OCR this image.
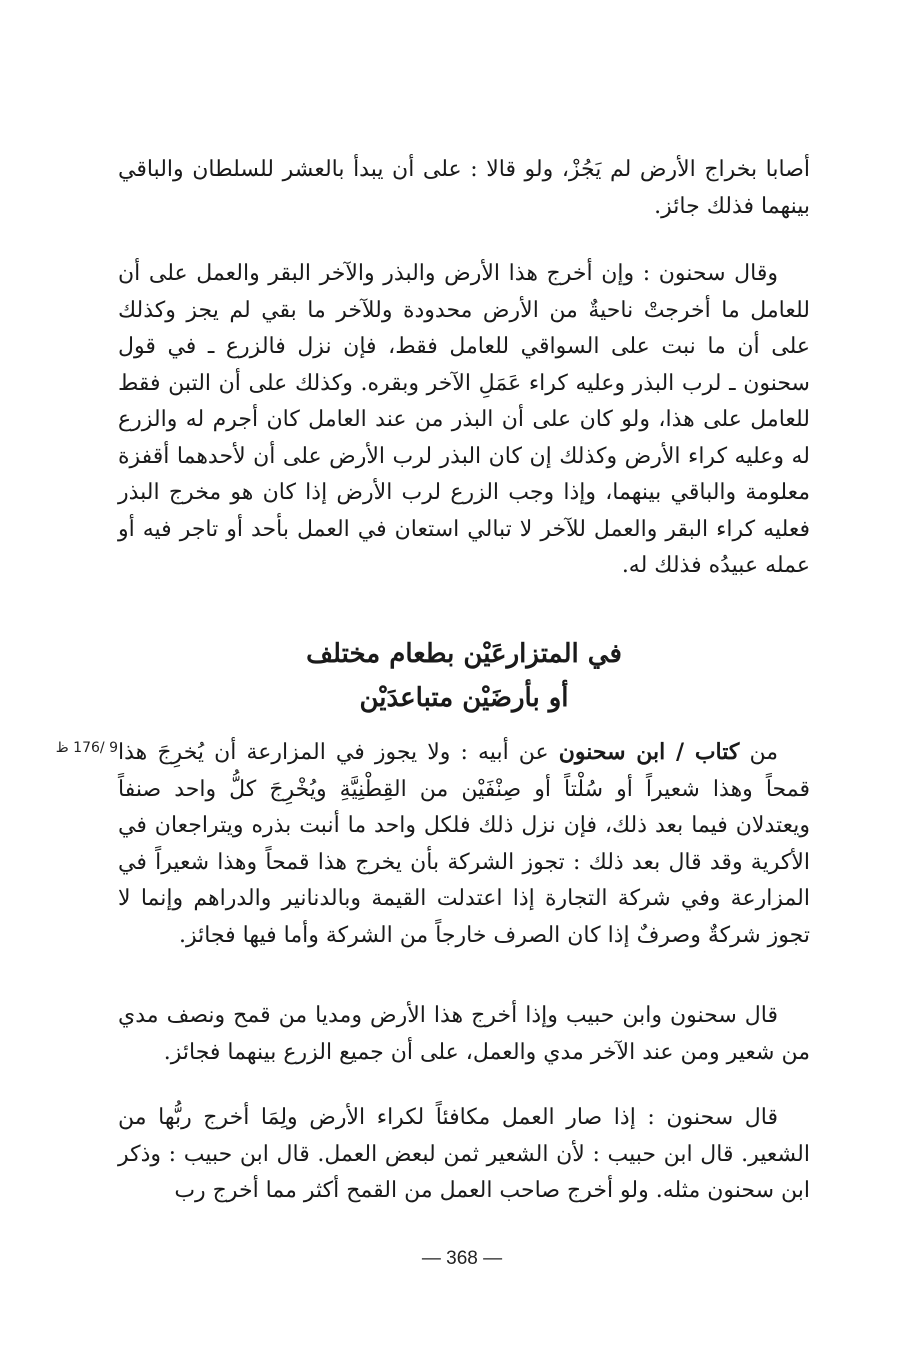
أصابا بخراج الأرض لم يَجُزْ، ولو قالا : على أن يبدأ بالعشر للسلطان والباقي بينهما فذلك جائز.

وقال سحنون : وإن أخرج هذا الأرض والبذر والآخر البقر والعمل على أن للعامل ما أخرجتْ ناحيةٌ من الأرض محدودة وللآخر ما بقي لم يجز وكذلك على أن ما نبت على السواقي للعامل فقط، فإن نزل فالزرع ـ في قول سحنون ـ لرب البذر وعليه كراء عَمَلِ الآخر وبقره. وكذلك على أن التبن فقط للعامل على هذا، ولو كان على أن البذر من عند العامل كان أجرم له والزرع له وعليه كراء الأرض وكذلك إن كان البذر لرب الأرض على أن لأحدهما أقفزة معلومة والباقي بينهما، وإذا وجب الزرع لرب الأرض إذا كان هو مخرج البذر فعليه كراء البقر والعمل للآخر لا تبالي استعان في العمل بأحد أو تاجر فيه أو عمله عبيدُه فذلك له.

في المتزارعَيْن بطعام مختلف
أو بأرضَيْن متباعدَيْن
9 /176 ظ	من كتاب / ابن سحنون عن أبيه : ولا يجوز في المزارعة أن يُخرِجَ هذا قمحاً وهذا شعيراً أو سُلْتاً أو صِنْفَيْن من القِطْنِيَّةِ ويُخْرِجَ كلُّ واحد صنفاً ويعتدلان فيما بعد ذلك، فإن نزل ذلك فلكل واحد ما أنبت بذره ويتراجعان في الأكرية وقد قال بعد ذلك : تجوز الشركة بأن يخرج هذا قمحاً وهذا شعيراً في المزارعة وفي شركة التجارة إذا اعتدلت القيمة وبالدنانير والدراهم وإنما لا تجوز شركةٌ وصرفٌ إذا كان الصرف خارجاً من الشركة وأما فيها فجائز.

قال سحنون وابن حبيب وإذا أخرج هذا الأرض ومديا من قمح ونصف مدي من شعير ومن عند الآخر مدي والعمل، على أن جميع الزرع بينهما فجائز.

قال سحنون : إذا صار العمل مكافئاً لكراء الأرض ولِمَا أخرج ربُّها من الشعير. قال ابن حبيب : لأن الشعير ثمن لبعض العمل. قال ابن حبيب : وذكر ابن سحنون مثله. ولو أخرج صاحب العمل من القمح أكثر مما أخرج رب

— 368 —
